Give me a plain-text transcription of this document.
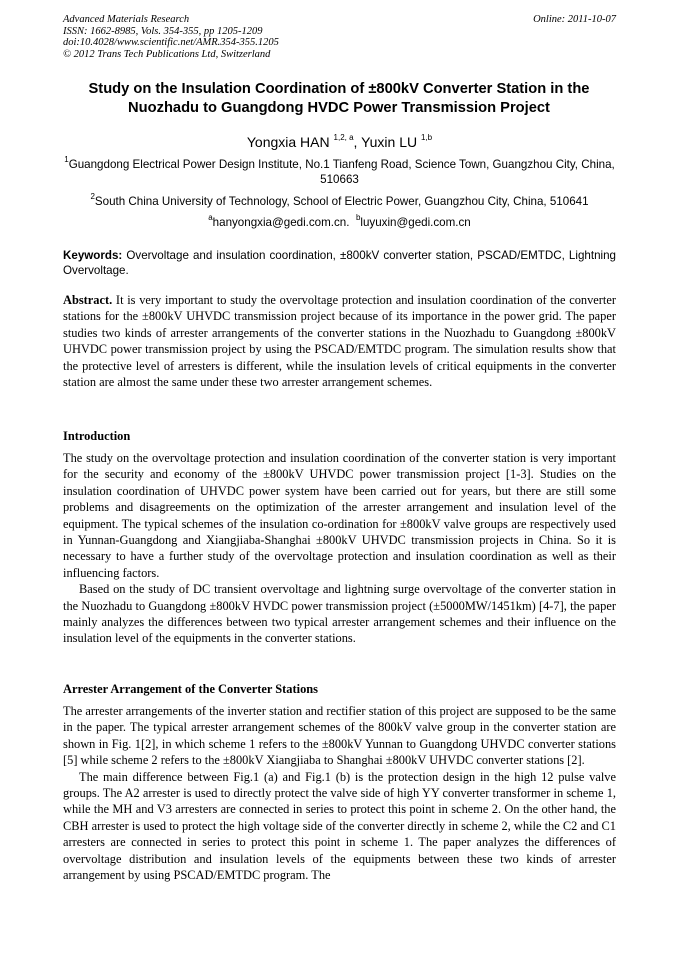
Advanced Materials Research
ISSN: 1662-8985, Vols. 354-355, pp 1205-1209
doi:10.4028/www.scientific.net/AMR.354-355.1205
© 2012 Trans Tech Publications Ltd, Switzerland
Online: 2011-10-07
Study on the Insulation Coordination of ±800kV Converter Station in the Nuozhadu to Guangdong HVDC Power Transmission Project
Yongxia HAN $^{1,2, a}$, Yuxin LU $^{1,b}$
$^1$Guangdong Electrical Power Design Institute, No.1 Tianfeng Road, Science Town, Guangzhou City, China, 510663
$^2$South China University of Technology, School of Electric Power, Guangzhou City, China, 510641
$^a$hanyongxia@gedi.com.cn. $^b$luyuxin@gedi.com.cn
Keywords: Overvoltage and insulation coordination, ±800kV converter station, PSCAD/EMTDC, Lightning Overvoltage.

Abstract. It is very important to study the overvoltage protection and insulation coordination of the converter stations for the ±800kV UHVDC transmission project because of its importance in the power grid. The paper studies two kinds of arrester arrangements of the converter stations in the Nuozhadu to Guangdong ±800kV UHVDC power transmission project by using the PSCAD/EMTDC program. The simulation results show that the protective level of arresters is different, while the insulation levels of critical equipments in the converter station are almost the same under these two arrester arrangement schemes.

Introduction

The study on the overvoltage protection and insulation coordination of the converter station is very important for the security and economy of the ±800kV UHVDC power transmission project [1-3]. Studies on the insulation coordination of UHVDC power system have been carried out for years, but there are still some problems and disagreements on the optimization of the arrester arrangement and insulation level of the equipment. The typical schemes of the insulation co-ordination for ±800kV valve groups are respectively used in Yunnan-Guangdong and Xiangjiaba-Shanghai ±800kV UHVDC transmission projects in China. So it is necessary to have a further study of the overvoltage protection and insulation coordination as well as their influencing factors.

Based on the study of DC transient overvoltage and lightning surge overvoltage of the converter station in the Nuozhadu to Guangdong ±800kV HVDC power transmission project (±5000MW/1451km) [4-7], the paper mainly analyzes the differences between two typical arrester arrangement schemes and their influence on the insulation level of the equipments in the converter stations.

Arrester Arrangement of the Converter Stations

The arrester arrangements of the inverter station and rectifier station of this project are supposed to be the same in the paper. The typical arrester arrangement schemes of the 800kV valve group in the converter station are shown in Fig. 1[2], in which scheme 1 refers to the ±800kV Yunnan to Guangdong UHVDC converter stations [5] while scheme 2 refers to the ±800kV Xiangjiaba to Shanghai ±800kV UHVDC converter stations [2].

The main difference between Fig.1 (a) and Fig.1 (b) is the protection design in the high 12 pulse valve groups. The A2 arrester is used to directly protect the valve side of high YY converter transformer in scheme 1, while the MH and V3 arresters are connected in series to protect this point in scheme 2. On the other hand, the CBH arrester is used to protect the high voltage side of the converter directly in scheme 2, while the C2 and C1 arresters are connected in series to protect this point in scheme 1. The paper analyzes the differences of overvoltage distribution and insulation levels of the equipments between these two kinds of arrester arrangement by using PSCAD/EMTDC program. The
